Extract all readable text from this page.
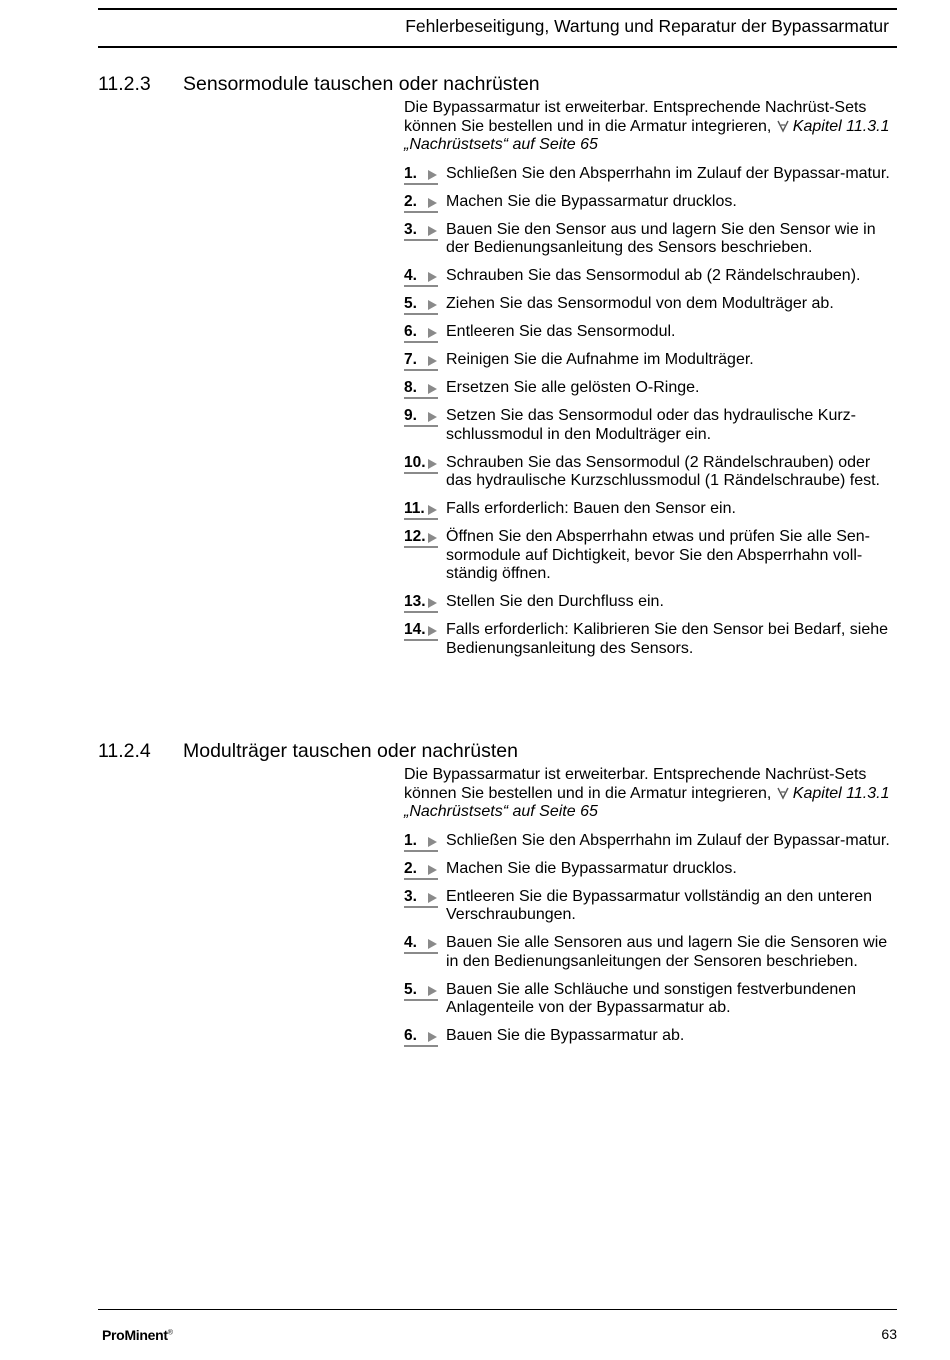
Fehlerbeseitigung, Wartung und Reparatur der Bypassarmatur
11.2.3	Sensormodule tauschen oder nachrüsten
Die Bypassarmatur ist erweiterbar. Entsprechende Nachrüst-Sets können Sie bestellen und in die Armatur integrieren, Kapitel 11.3.1 „Nachrüstsets“ auf Seite 65
1.	Schließen Sie den Absperrhahn im Zulauf der Bypassar-matur.
2.	Machen Sie die Bypassarmatur drucklos.
3.	Bauen Sie den Sensor aus und lagern Sie den Sensor wie in der Bedienungsanleitung des Sensors beschrieben.
4.	Schrauben Sie das Sensormodul ab (2 Rändelschrauben).
5.	Ziehen Sie das Sensormodul von dem Modulträger ab.
6.	Entleeren Sie das Sensormodul.
7.	Reinigen Sie die Aufnahme im Modulträger.
8.	Ersetzen Sie alle gelösten O-Ringe.
9.	Setzen Sie das Sensormodul oder das hydraulische Kurz-schlussmodul in den Modulträger ein.
10.	Schrauben Sie das Sensormodul (2 Rändelschrauben) oder das hydraulische Kurzschlussmodul (1 Rändelschraube) fest.
11.	Falls erforderlich: Bauen den Sensor ein.
12.	Öffnen Sie den Absperrhahn etwas und prüfen Sie alle Sen-sormodule auf Dichtigkeit, bevor Sie den Absperrhahn voll-ständig öffnen.
13.	Stellen Sie den Durchfluss ein.
14.	Falls erforderlich: Kalibrieren Sie den Sensor bei Bedarf, siehe Bedienungsanleitung des Sensors.
11.2.4	Modulträger tauschen oder nachrüsten
Die Bypassarmatur ist erweiterbar. Entsprechende Nachrüst-Sets können Sie bestellen und in die Armatur integrieren, Kapitel 11.3.1 „Nachrüstsets“ auf Seite 65
1.	Schließen Sie den Absperrhahn im Zulauf der Bypassar-matur.
2.	Machen Sie die Bypassarmatur drucklos.
3.	Entleeren Sie die Bypassarmatur vollständig an den unteren Verschraubungen.
4.	Bauen Sie alle Sensoren aus und lagern Sie die Sensoren wie in den Bedienungsanleitungen der Sensoren beschrieben.
5.	Bauen Sie alle Schläuche und sonstigen festverbundenen Anlagenteile von der Bypassarmatur ab.
6.	Bauen Sie die Bypassarmatur ab.
ProMinent®	63
